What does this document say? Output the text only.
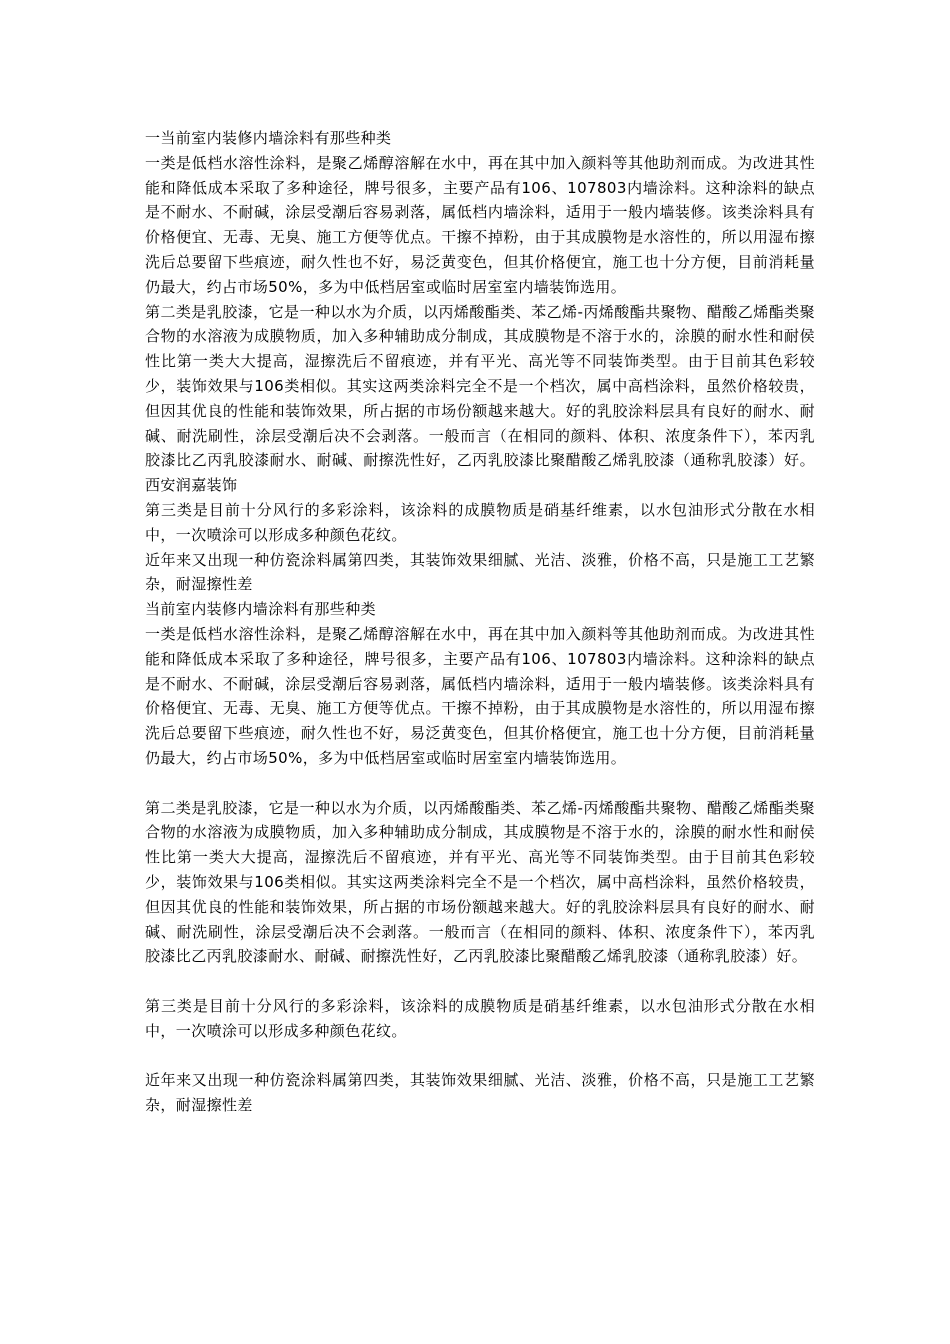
一当前室内装修内墙涂料有那些种类

一类是低档水溶性涂料，是聚乙烯醇溶解在水中，再在其中加入颜料等其他助剂而成。为改进其性能和降低成本采取了多种途径，牌号很多，主要产品有106、107803内墙涂料。这种涂料的缺点是不耐水、不耐碱，涂层受潮后容易剥落，属低档内墙涂料，适用于一般内墙装修。该类涂料具有价格便宜、无毒、无臭、施工方便等优点。干擦不掉粉，由于其成膜物是水溶性的，所以用湿布擦洗后总要留下些痕迹，耐久性也不好，易泛黄变色，但其价格便宜，施工也十分方便，目前消耗量仍最大，约占市场50%，多为中低档居室或临时居室室内墙装饰选用。

第二类是乳胶漆，它是一种以水为介质，以丙烯酸酯类、苯乙烯-丙烯酸酯共聚物、醋酸乙烯酯类聚合物的水溶液为成膜物质，加入多种辅助成分制成，其成膜物是不溶于水的，涂膜的耐水性和耐侯性比第一类大大提高，湿擦洗后不留痕迹，并有平光、高光等不同装饰类型。由于目前其色彩较少，装饰效果与106类相似。其实这两类涂料完全不是一个档次，属中高档涂料，虽然价格较贵，但因其优良的性能和装饰效果，所占据的市场份额越来越大。好的乳胶涂料层具有良好的耐水、耐碱、耐洗刷性，涂层受潮后决不会剥落。一般而言（在相同的颜料、体积、浓度条件下），苯丙乳胶漆比乙丙乳胶漆耐水、耐碱、耐擦洗性好，乙丙乳胶漆比聚醋酸乙烯乳胶漆（通称乳胶漆）好。西安润嘉装饰

第三类是目前十分风行的多彩涂料，该涂料的成膜物质是硝基纤维素，以水包油形式分散在水相中，一次喷涂可以形成多种颜色花纹。

近年来又出现一种仿瓷涂料属第四类，其装饰效果细腻、光洁、淡雅，价格不高，只是施工工艺繁杂，耐湿擦性差

当前室内装修内墙涂料有那些种类

一类是低档水溶性涂料，是聚乙烯醇溶解在水中，再在其中加入颜料等其他助剂而成。为改进其性能和降低成本采取了多种途径，牌号很多，主要产品有106、107803内墙涂料。这种涂料的缺点是不耐水、不耐碱，涂层受潮后容易剥落，属低档内墙涂料，适用于一般内墙装修。该类涂料具有价格便宜、无毒、无臭、施工方便等优点。干擦不掉粉，由于其成膜物是水溶性的，所以用湿布擦洗后总要留下些痕迹，耐久性也不好，易泛黄变色，但其价格便宜，施工也十分方便，目前消耗量仍最大，约占市场50%，多为中低档居室或临时居室室内墙装饰选用。

第二类是乳胶漆，它是一种以水为介质，以丙烯酸酯类、苯乙烯-丙烯酸酯共聚物、醋酸乙烯酯类聚合物的水溶液为成膜物质，加入多种辅助成分制成，其成膜物是不溶于水的，涂膜的耐水性和耐侯性比第一类大大提高，湿擦洗后不留痕迹，并有平光、高光等不同装饰类型。由于目前其色彩较少，装饰效果与106类相似。其实这两类涂料完全不是一个档次，属中高档涂料，虽然价格较贵，但因其优良的性能和装饰效果，所占据的市场份额越来越大。好的乳胶涂料层具有良好的耐水、耐碱、耐洗刷性，涂层受潮后决不会剥落。一般而言（在相同的颜料、体积、浓度条件下），苯丙乳胶漆比乙丙乳胶漆耐水、耐碱、耐擦洗性好，乙丙乳胶漆比聚醋酸乙烯乳胶漆（通称乳胶漆）好。

第三类是目前十分风行的多彩涂料，该涂料的成膜物质是硝基纤维素，以水包油形式分散在水相中，一次喷涂可以形成多种颜色花纹。

近年来又出现一种仿瓷涂料属第四类，其装饰效果细腻、光洁、淡雅，价格不高，只是施工工艺繁杂，耐湿擦性差
